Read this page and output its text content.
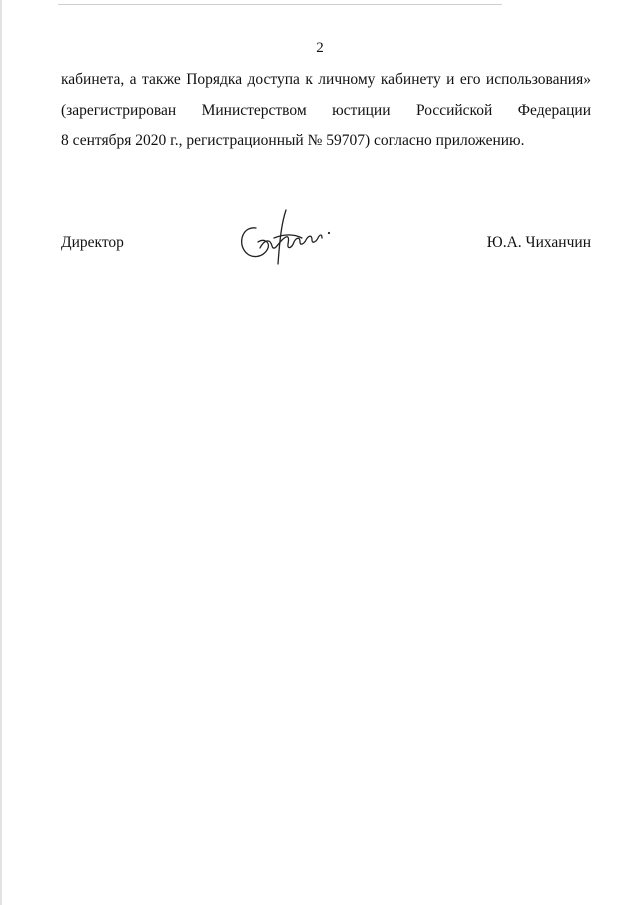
2
кабинета, а также Порядка доступа к личному кабинету и его использования»
(зарегистрирован Министерством юстиции Российской Федерации
8 сентября 2020 г., регистрационный № 59707) согласно приложению.
Директор	Ю.А. Чиханчин
